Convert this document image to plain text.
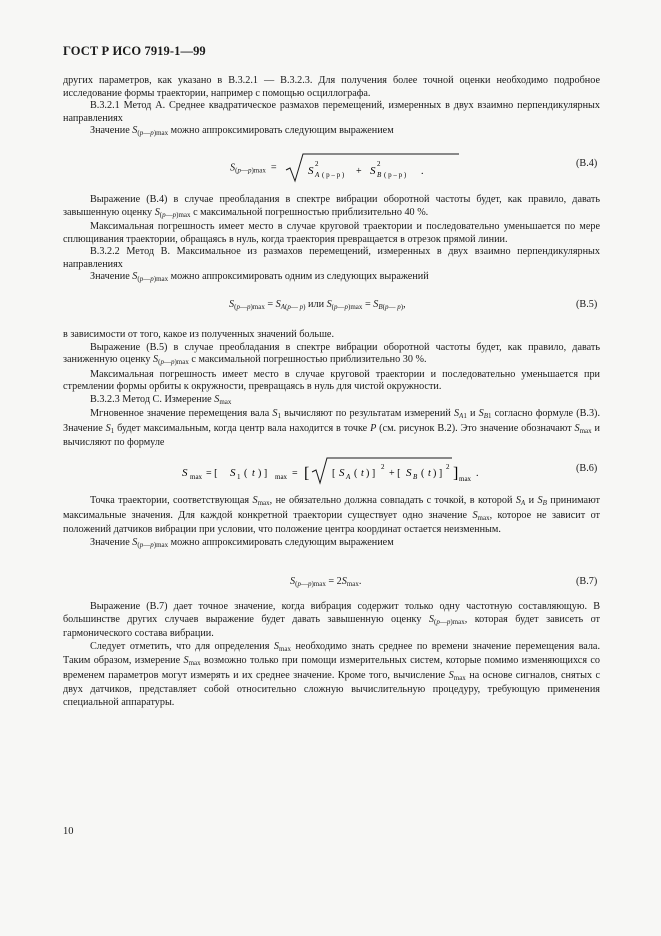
ГОСТ Р ИСО 7919-1—99

других параметров, как указано в В.3.2.1 — В.3.2.3. Для получения более точной оценки необходимо подробное исследование формы траектории, например с помощью осциллографа.

В.3.2.1 Метод А. Среднее квадратическое размахов перемещений, измеренных в двух взаимно перпендикулярных направлениях

Значение $S_{(p—p)max}$ можно аппроксимировать следующим выражением

$S_{(p—p)max} = S$
2
A ( p – p ) + S
2
B ( p – p ) .
(В.4)

Выражение (В.4) в случае преобладания в спектре вибрации оборотной частоты будет, как правило, давать завышенную оценку $S_{(p—p)max}$ с максимальной погрешностью приблизительно 40 %.

Максимальная погрешность имеет место в случае круговой траектории и последовательно уменьшается по мере сплющивания траектории, обращаясь в нуль, когда траектория превращается в отрезок прямой линии.

В.3.2.2 Метод В. Максимальное из размахов перемещений, измеренных в двух взаимно перпендикулярных направлениях

Значение $S_{(p—p)max}$ можно аппроксимировать одним из следующих выражений

$S_{(p—p)max} = S_{A(p— p)}$ или $S_{(p—p)max} = S_{B(p— p)}$,	(В.5)

в зависимости от того, какое из полученных значений больше.

Выражение (В.5) в случае преобладания в спектре вибрации оборотной частоты будет, как правило, давать заниженную оценку $S_{(p—p)max}$ с максимальной погрешностью приблизительно 30 %.

Максимальная погрешность имеет место в случае круговой траектории и последовательно уменьшается при стремлении формы орбиты к окружности, превращаясь в нуль для чистой окружности.

В.3.2.3 Метод С. Измерение $S_{max}$

Мгновенное значение перемещения вала $S_1$ вычисляют по результатам измерений $S_{A1}$ и $S_{B1}$ согласно формуле (В.3). Значение $S_1$ будет максимальным, когда центр вала находится в точке P (см. рисунок В.2). Это значение обозначают $S_{max}$ и вычисляют по формуле

S max = [ S 1 ( t ) ] max = [ [ S A ( t ) ]
2
+ [ S B ( t ) ]
2 ] max .	(В.6)

Точка траектории, соответствующая $S_{max}$, не обязательно должна совпадать с точкой, в которой $S_A$ и $S_B$ принимают максимальные значения. Для каждой конкретной траектории существует одно значение $S_{max}$, которое не зависит от положений датчиков вибрации при условии, что положение центра координат остается неизменным.

Значение $S_{(p—p)max}$ можно аппроксимировать следующим выражением

$S_{(p—p)max} = 2S_{max}$.	(В.7)

Выражение (В.7) дает точное значение, когда вибрация содержит только одну частотную составляющую. В большинстве других случаев выражение будет давать завышенную оценку $S_{(p—p)max}$, которая будет зависеть от гармонического состава вибрации.

Следует отметить, что для определения $S_{max}$ необходимо знать среднее по времени значение перемещения вала. Таким образом, измерение $S_{max}$ возможно только при помощи измерительных систем, которые помимо изменяющихся со временем параметров могут измерять и их среднее значение. Кроме того, вычисление $S_{max}$ на основе сигналов, снятых с двух датчиков, представляет собой относительно сложную вычислительную процедуру, требующую применения специальной аппаратуры.

10
